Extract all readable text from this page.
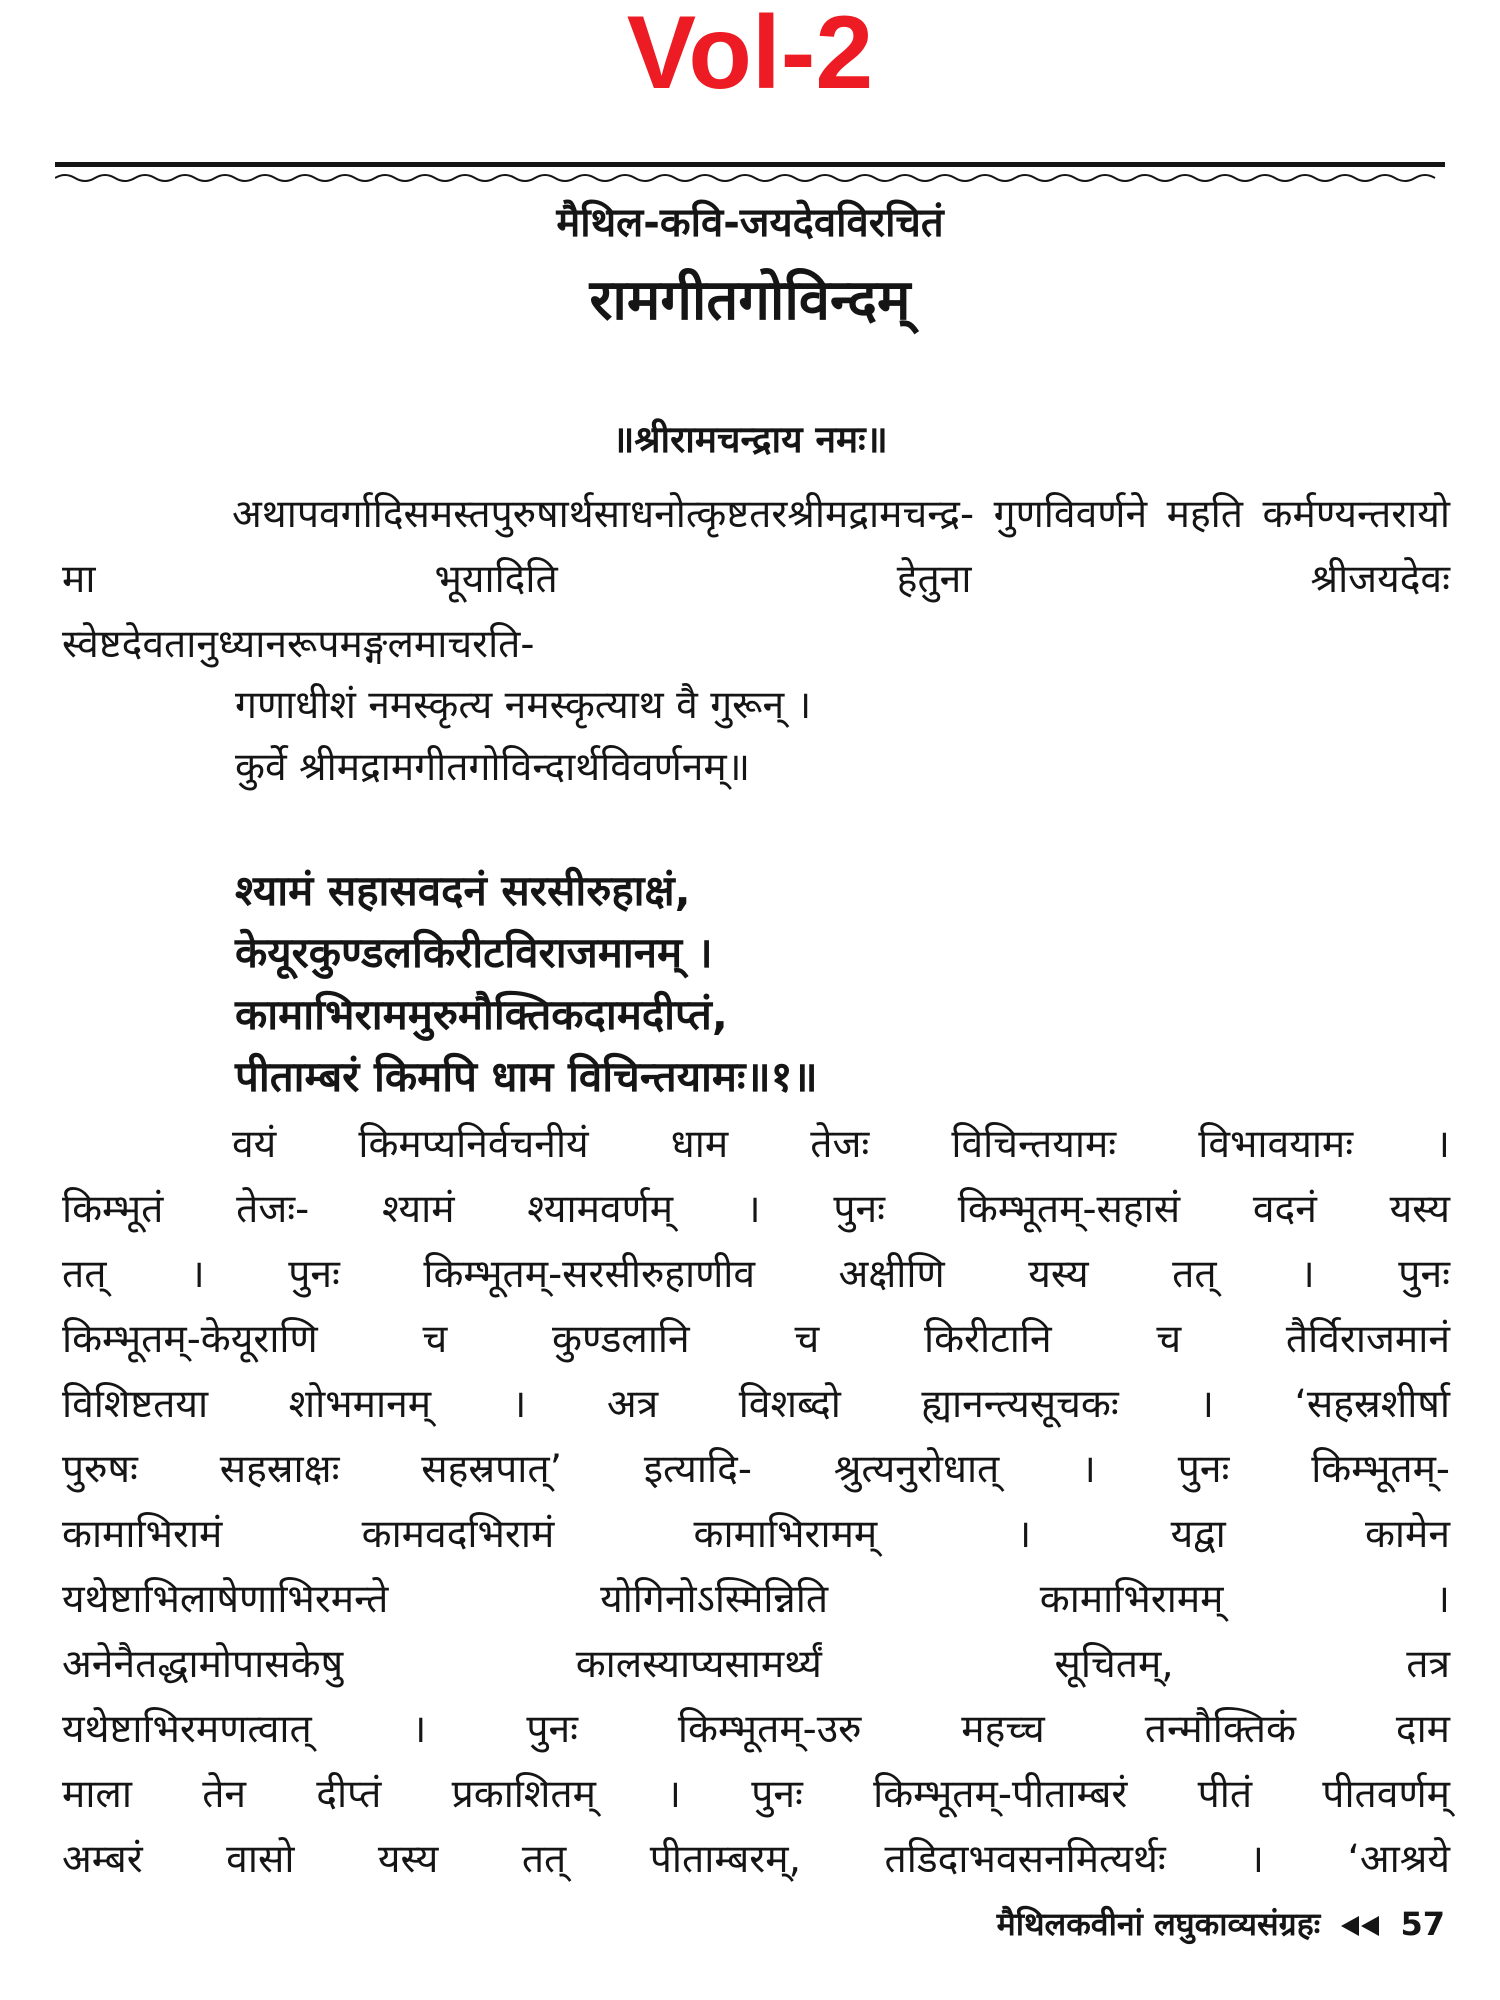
Vol-2
मैथिल-कवि-जयदेवविरचितं
रामगीतगोविन्दम्
॥श्रीरामचन्द्राय नमः॥
अथापवर्गादिसमस्तपुरुषार्थसाधनोत्कृष्टतरश्रीमद्रामचन्द्र- गुणविवर्णने महति कर्मण्यन्तरायो मा भूयादिति हेतुना श्रीजयदेवः
स्वेष्टदेवतानुध्यानरूपमङ्गलमाचरति-
गणाधीशं नमस्कृत्य नमस्कृत्याथ वै गुरून् ।
कुर्वे श्रीमद्रामगीतगोविन्दार्थविवर्णनम्॥
श्यामं सहासवदनं सरसीरुहाक्षं,
केयूरकुण्डलकिरीटविराजमानम् ।
कामाभिराममुरुमौक्तिकदामदीप्तं,
पीताम्बरं किमपि धाम विचिन्तयामः॥१॥
वयं किमप्यनिर्वचनीयं धाम तेजः विचिन्तयामः विभावयामः ।
किम्भूतं तेजः- श्यामं श्यामवर्णम् । पुनः किम्भूतम्-सहासं वदनं यस्य
तत् । पुनः किम्भूतम्-सरसीरुहाणीव अक्षीणि यस्य तत् । पुनः
किम्भूतम्-केयूराणि च कुण्डलानि च किरीटानि च तैर्विराजमानं
विशिष्टतया शोभमानम् । अत्र विशब्दो ह्यानन्त्यसूचकः । ‘सहस्रशीर्षा
पुरुषः सहस्राक्षः सहस्रपात्’ इत्यादि- श्रुत्यनुरोधात् । पुनः किम्भूतम्-
कामाभिरामं कामवदभिरामं कामाभिरामम् । यद्वा कामेन
यथेष्टाभिलाषेणाभिरमन्ते योगिनोऽस्मिन्निति कामाभिरामम् ।
अनेनैतद्धामोपासकेषु कालस्याप्यसामर्थ्यं सूचितम्, तत्र
यथेष्टाभिरमणत्वात् । पुनः किम्भूतम्-उरु महच्च तन्मौक्तिकं दाम
माला तेन दीप्तं प्रकाशितम् । पुनः किम्भूतम्-पीताम्बरं पीतं पीतवर्णम्
अम्बरं वासो यस्य तत् पीताम्बरम्, तडिदाभवसनमित्यर्थः । ‘आश्रये
मैथिलकवीनां लघुकाव्यसंग्रहः	57
